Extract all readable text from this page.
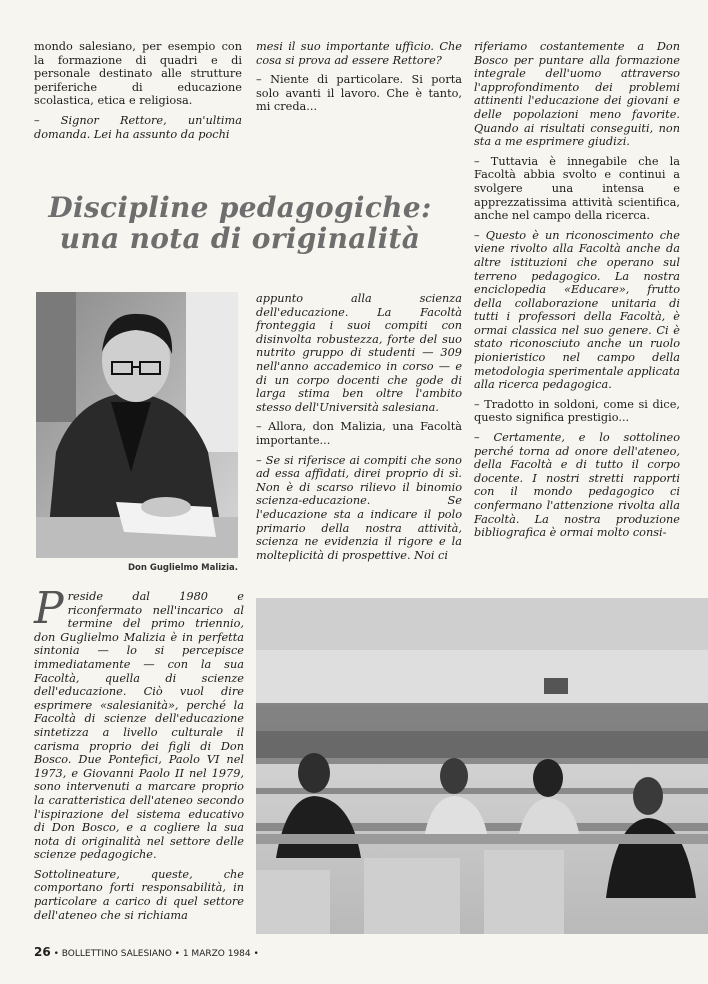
mondo salesiano, per esempio con la formazione di quadri e di personale destinato alle strutture periferiche di educazione scolastica, etica e religiosa.

– Signor Rettore, un'ultima domanda. Lei ha assunto da pochi

mesi il suo importante ufficio. Che cosa si prova ad essere Rettore?

– Niente di particolare. Si porta solo avanti il lavoro. Che è tanto, mi creda...

Discipline pedagogiche:
una nota di originalità
Don Guglielmo Malizia.

appunto alla scienza dell'educazione. La Facoltà fronteggia i suoi compiti con disinvolta robustezza, forte del suo nutrito gruppo di studenti — 309 nell'anno accademico in corso — e di un corpo docenti che gode di larga stima ben oltre l'ambito stesso dell'Università salesiana.

– Allora, don Malizia, una Facoltà importante...

– Se si riferisce ai compiti che sono ad essa affidati, direi proprio di sì. Non è di scarso rilievo il binomio scienza-educazione. Se l'educazione sta a indicare il polo primario della nostra attività, scienza ne evidenzia il rigore e la molteplicità di prospettive. Noi ci

riferiamo costantemente a Don Bosco per puntare alla formazione integrale dell'uomo attraverso l'approfondimento dei problemi attinenti l'educazione dei giovani e delle popolazioni meno favorite. Quando ai risultati conseguiti, non sta a me esprimere giudizi.

– Tuttavia è innegabile che la Facoltà abbia svolto e continui a svolgere una intensa e apprezzatissima attività scientifica, anche nel campo della ricerca.

– Questo è un riconoscimento che viene rivolto alla Facoltà anche da altre istituzioni che operano sul terreno pedagogico. La nostra enciclopedia «Educare», frutto della collaborazione unitaria di tutti i professori della Facoltà, è ormai classica nel suo genere. Ci è stato riconosciuto anche un ruolo pionieristico nel campo della metodologia sperimentale applicata alla ricerca pedagogica.

– Tradotto in soldoni, come si dice, questo significa prestigio...

– Certamente, e lo sottolineo perché torna ad onore dell'ateneo, della Facoltà e di tutto il corpo docente. I nostri stretti rapporti con il mondo pedagogico ci confermano l'attenzione rivolta alla Facoltà. La nostra produzione bibliografica è ormai molto consi-

Preside dal 1980 e riconfermato nell'incarico al termine del primo triennio, don Guglielmo Malizia è in perfetta sintonia — lo si percepisce immediatamente — con la sua Facoltà, quella di scienze dell'educazione. Ciò vuol dire esprimere «salesianità», perché la Facoltà di scienze dell'educazione sintetizza a livello culturale il carisma proprio dei figli di Don Bosco. Due Pontefici, Paolo VI nel 1973, e Giovanni Paolo II nel 1979, sono intervenuti a marcare proprio la caratteristica dell'ateneo secondo l'ispirazione del sistema educativo di Don Bosco, e a cogliere la sua nota di originalità nel settore delle scienze pedagogiche.

Sottolineature, queste, che comportano forti responsabilità, in particolare a carico di quel settore dell'ateneo che si richiama

26 • BOLLETTINO SALESIANO • 1 MARZO 1984 •
